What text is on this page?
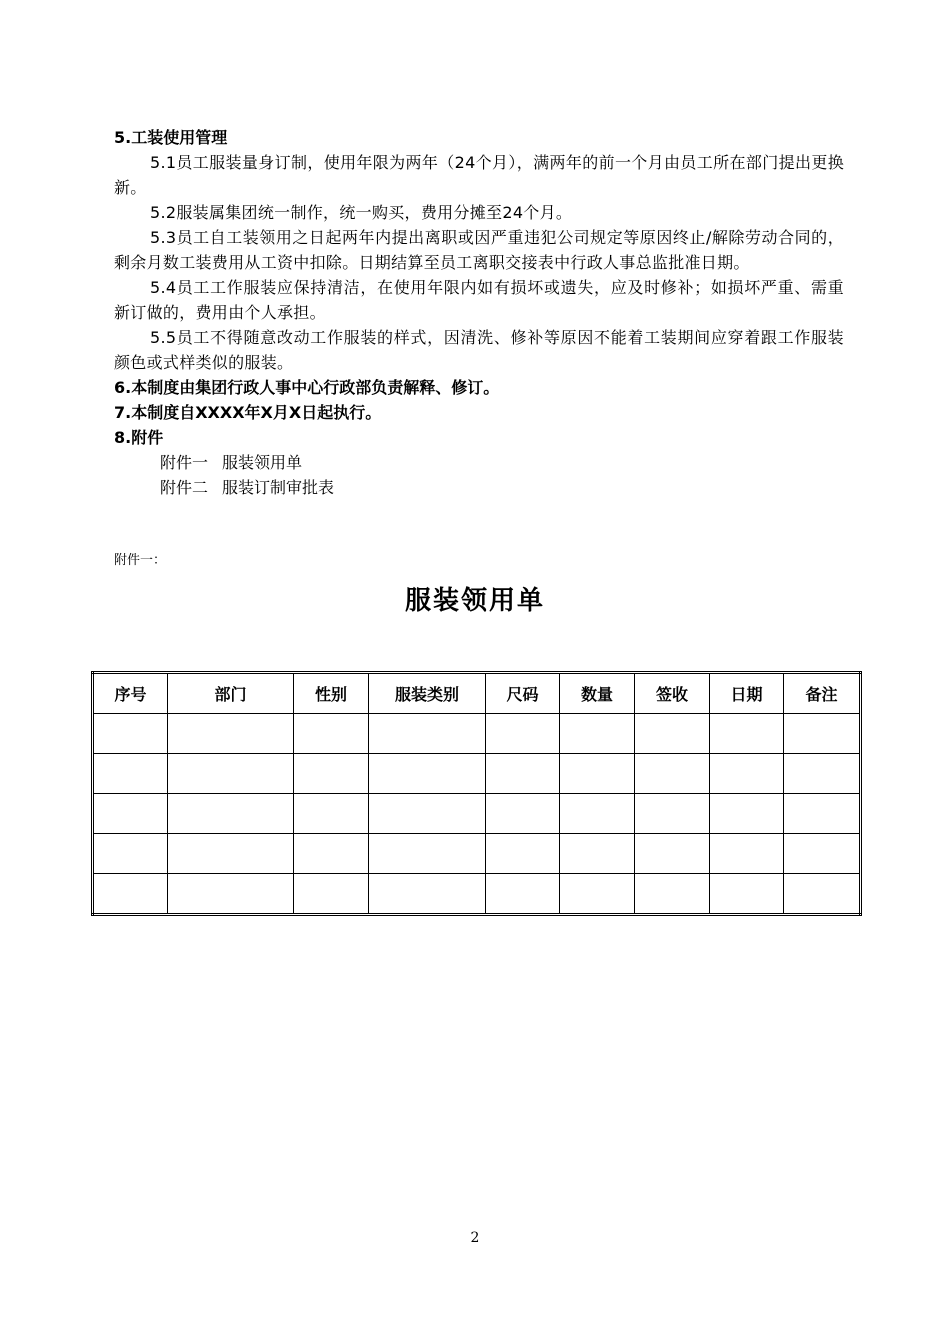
5.工装使用管理
5.1员工服装量身订制，使用年限为两年（24个月），满两年的前一个月由员工所在部门提出更换新。
5.2服装属集团统一制作，统一购买，费用分摊至24个月。
5.3员工自工装领用之日起两年内提出离职或因严重违犯公司规定等原因终止/解除劳动合同的，剩余月数工装费用从工资中扣除。日期结算至员工离职交接表中行政人事总监批准日期。
5.4员工工作服装应保持清洁，在使用年限内如有损坏或遗失，应及时修补；如损坏严重、需重新订做的，费用由个人承担。
5.5员工不得随意改动工作服装的样式，因清洗、修补等原因不能着工装期间应穿着跟工作服装颜色或式样类似的服装。
6.本制度由集团行政人事中心行政部负责解释、修订。
7.本制度自XXXX年X月X日起执行。
8.附件
附件一 服装领用单
附件二 服装订制审批表
附件一：
服装领用单
序号	部门	性别	服装类别	尺码	数量	签收	日期	备注

2
